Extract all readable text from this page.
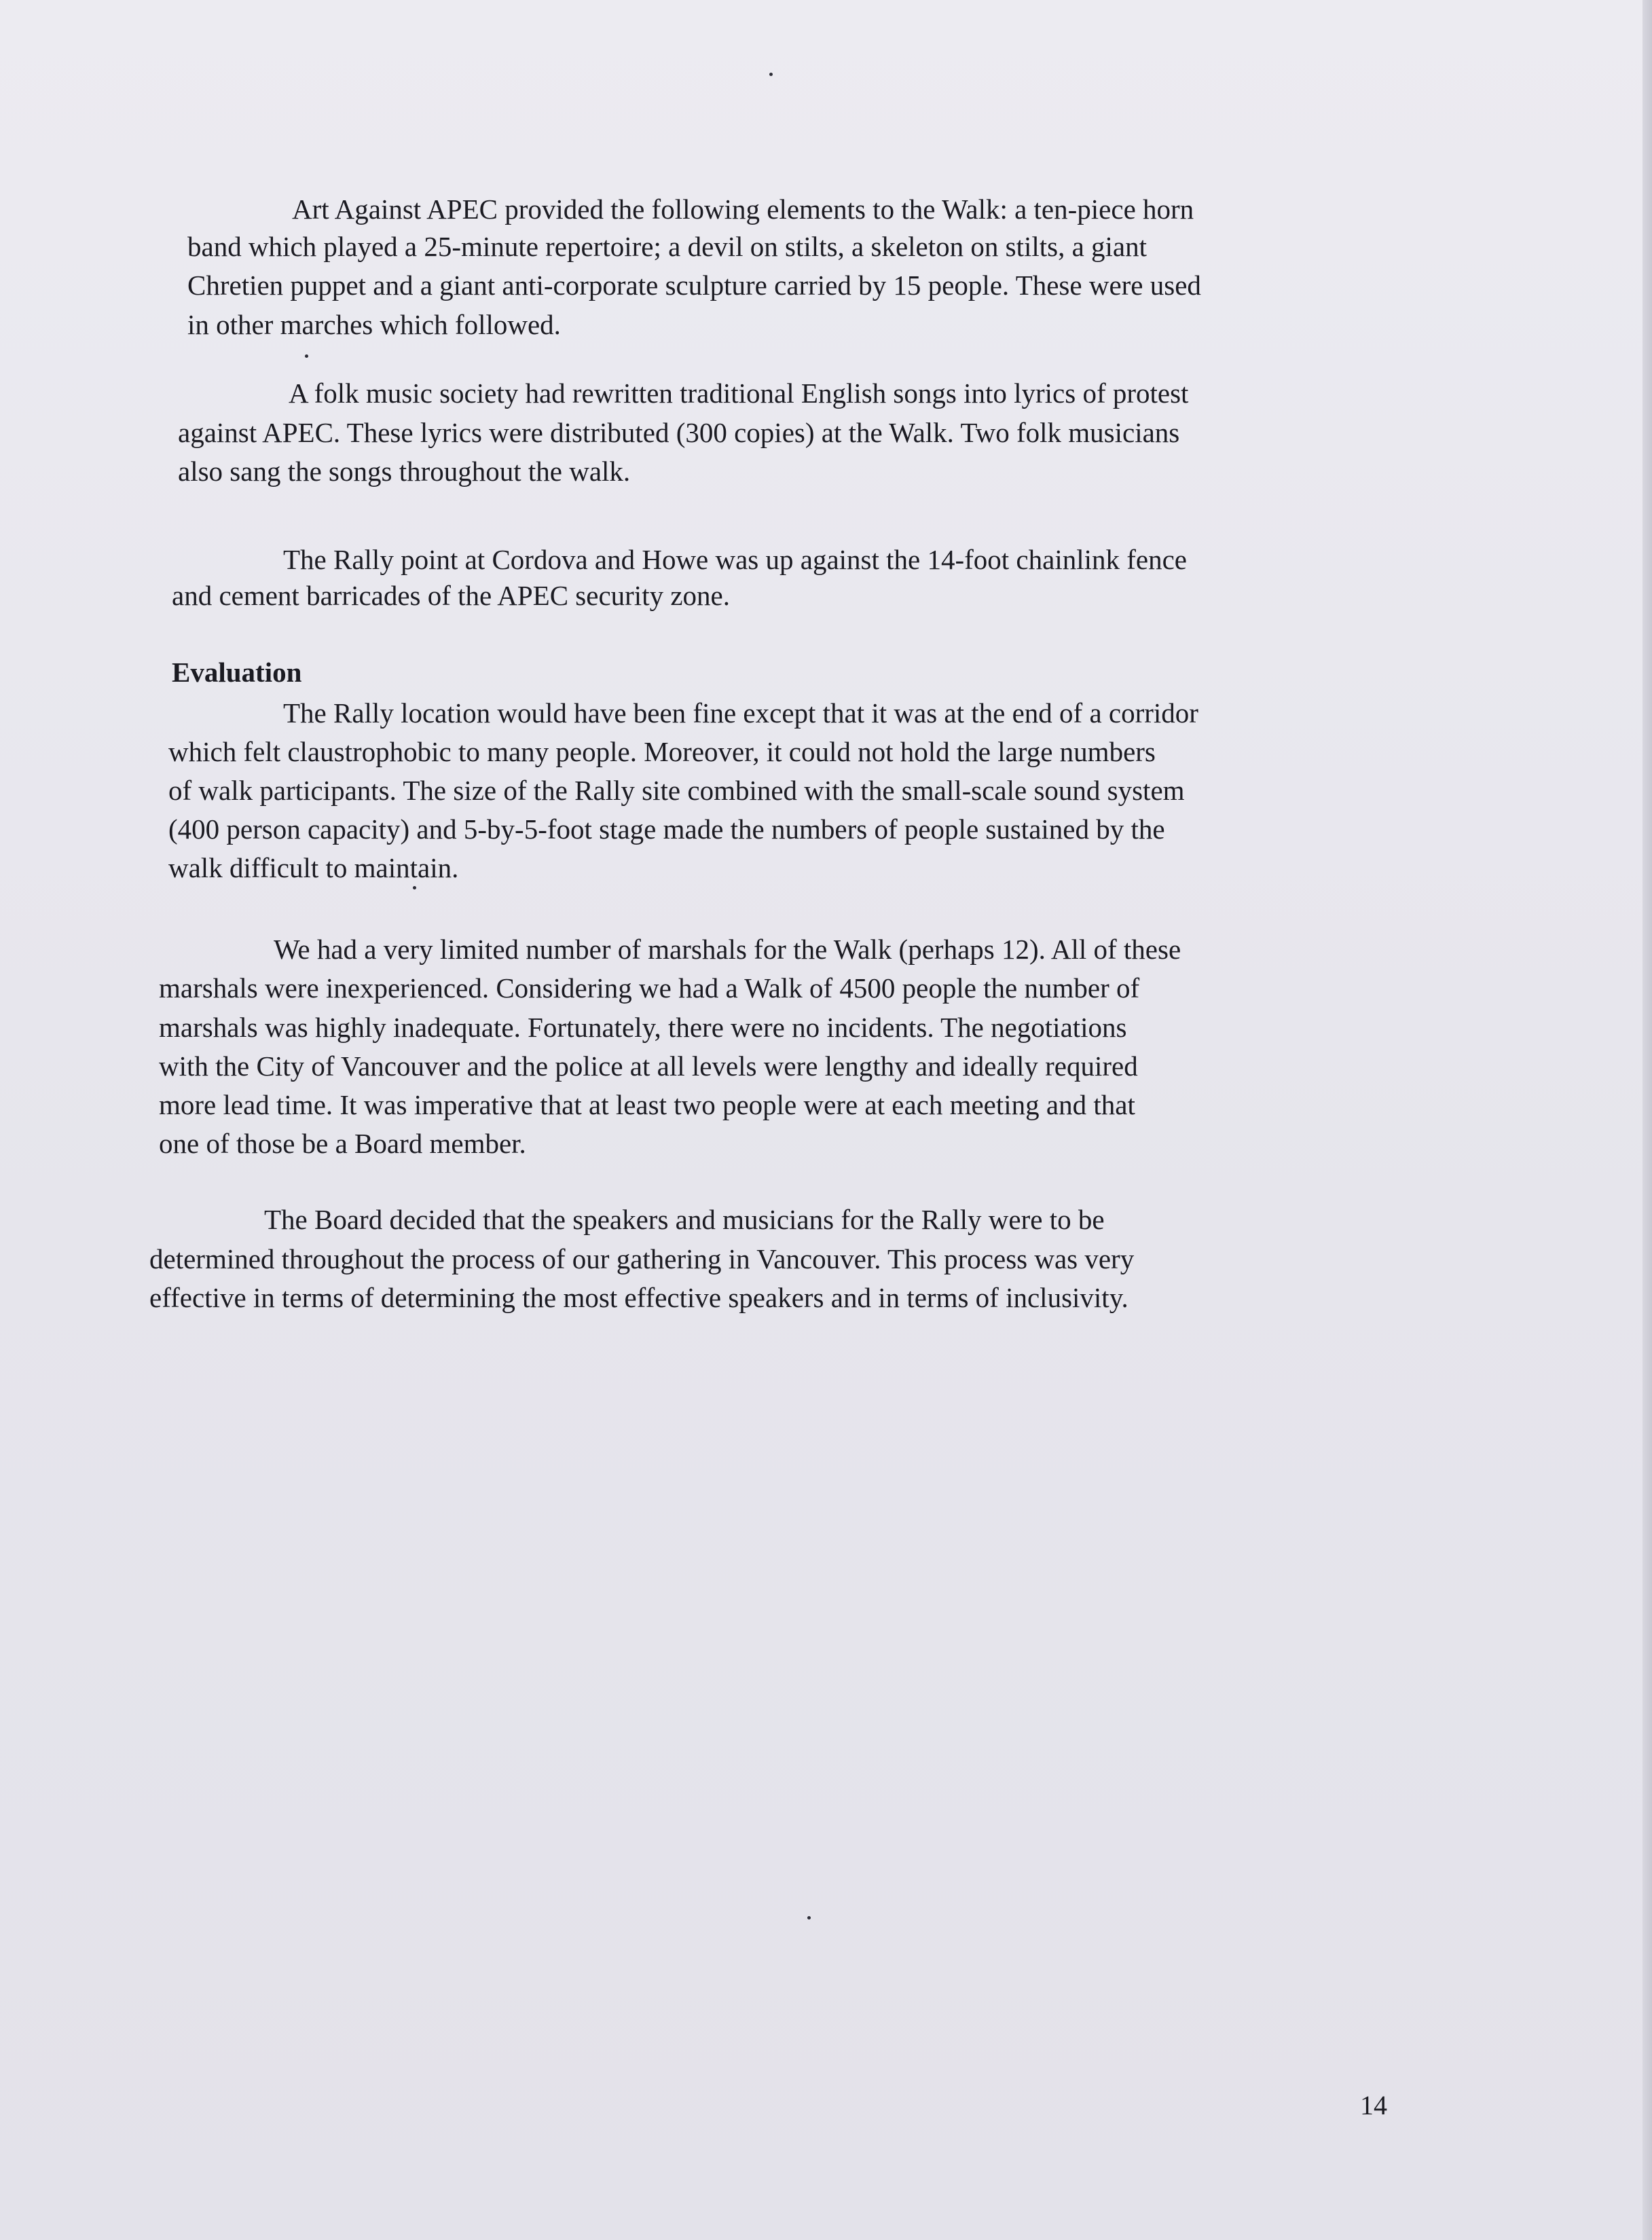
Art Against APEC provided the following elements to the Walk: a ten-piece horn
band which played a 25-minute repertoire; a devil on stilts, a skeleton on stilts, a giant
Chretien puppet and a giant anti-corporate sculpture carried by 15 people. These were used
in other marches which followed.
A folk music society had rewritten traditional English songs into lyrics of protest
against APEC. These lyrics were distributed (300 copies) at the Walk. Two folk musicians
also sang the songs throughout the walk.
The Rally point at Cordova and Howe was up against the 14-foot chainlink fence
and cement barricades of the APEC security zone.
Evaluation
The Rally location would have been fine except that it was at the end of a corridor
which felt claustrophobic to many people. Moreover, it could not hold the large numbers
of walk participants. The size of the Rally site combined with the small-scale sound system
(400 person capacity) and 5-by-5-foot stage made the numbers of people sustained by the
walk difficult to maintain.
We had a very limited number of marshals for the Walk (perhaps 12). All of these
marshals were inexperienced. Considering we had a Walk of 4500 people the number of
marshals was highly inadequate. Fortunately, there were no incidents. The negotiations
with the City of Vancouver and the police at all levels were lengthy and ideally required
more lead time. It was imperative that at least two people were at each meeting and that
one of those be a Board member.
The Board decided that the speakers and musicians for the Rally were to be
determined throughout the process of our gathering in Vancouver. This process was very
effective in terms of determining the most effective speakers and in terms of inclusivity.
14
